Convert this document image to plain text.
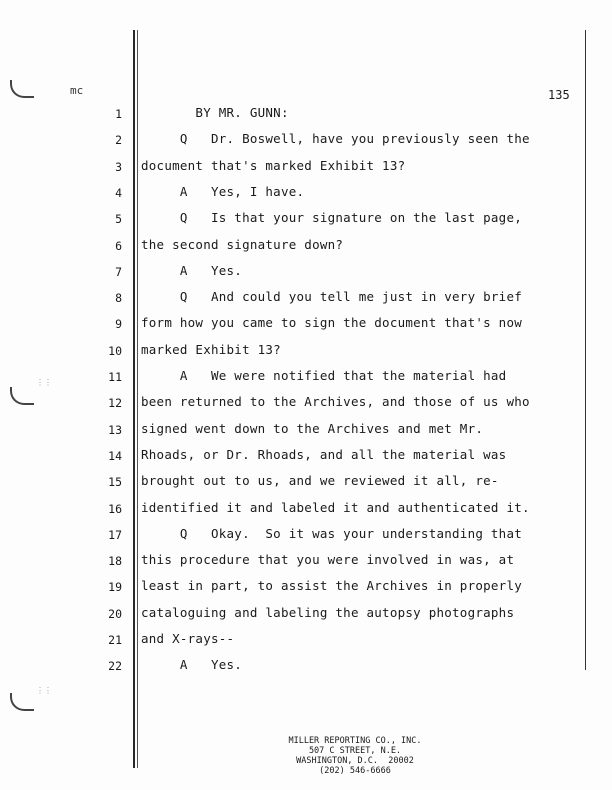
⋮⋮
⋮⋮
mc	135
1 BY MR. GUNN:
2 Q   Dr. Boswell, have you previously seen the
3 document that's marked Exhibit 13?
4 A   Yes, I have.
5 Q   Is that your signature on the last page,
6 the second signature down?
7 A   Yes.
8 Q   And could you tell me just in very brief
9 form how you came to sign the document that's now
10 marked Exhibit 13?
11 A   We were notified that the material had
12 been returned to the Archives, and those of us who
13 signed went down to the Archives and met Mr.
14 Rhoads, or Dr. Rhoads, and all the material was
15 brought out to us, and we reviewed it all, re-
16 identified it and labeled it and authenticated it.
17 Q   Okay.  So it was your understanding that
18 this procedure that you were involved in was, at
19 least in part, to assist the Archives in properly
20 cataloguing and labeling the autopsy photographs
21 and X-rays--
22 A   Yes.
MILLER REPORTING CO., INC.
507 C STREET, N.E.
WASHINGTON, D.C.  20002
(202) 546-6666
